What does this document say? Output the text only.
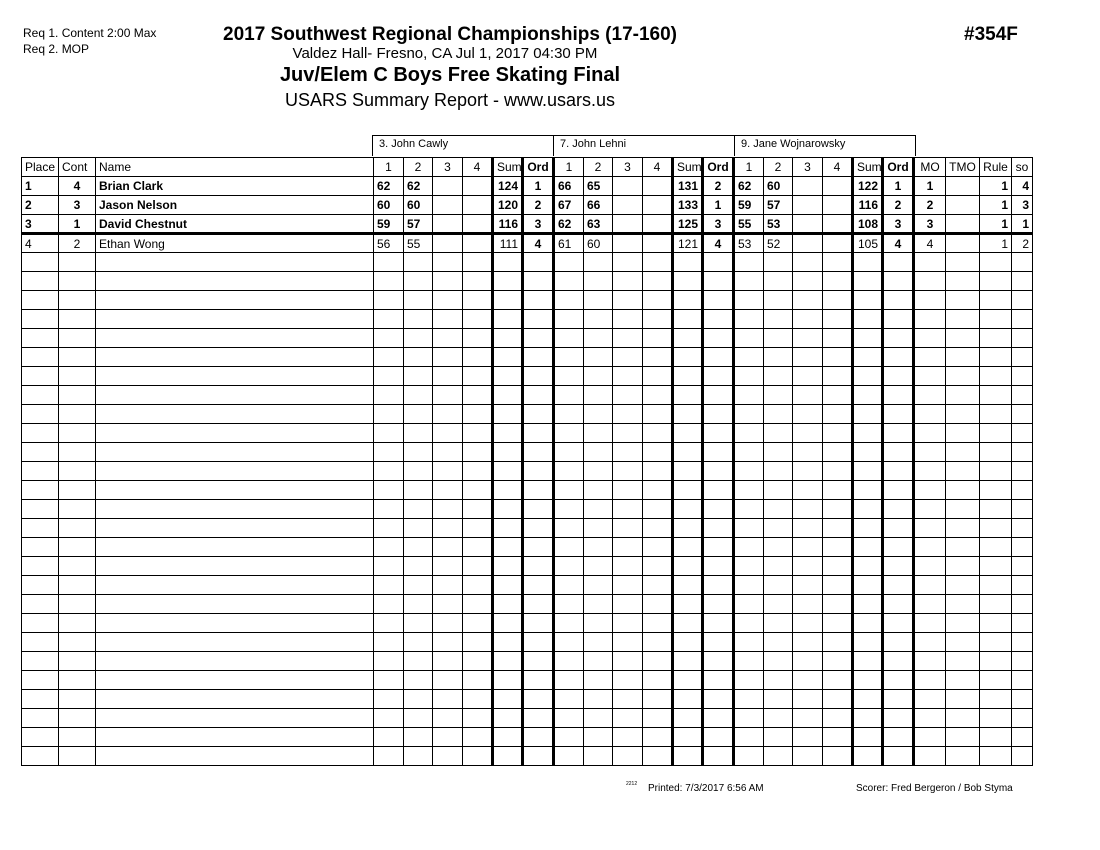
Req 1. Content 2:00 Max
Req 2. MOP
2017 Southwest Regional Championships (17-160)
Valdez Hall- Fresno, CA Jul 1, 2017 04:30 PM
Juv/Elem C Boys Free Skating Final
USARS Summary Report - www.usars.us
#354F
3. John Cawly	7. John Lehni	9. Jane Wojnarowsky
Place	Cont	Name	1	2	3	4	Sum	Ord	1	2	3	4	Sum	Ord	1	2	3	4	Sum	Ord	MO	TMO	Rule	so
1	4	Brian Clark	62	62			124	1	66	65			131	2	62	60			122	1	1		1	4
2	3	Jason Nelson	60	60			120	2	67	66			133	1	59	57			116	2	2		1	3
3	1	David Chestnut	59	57			116	3	62	63			125	3	55	53			108	3	3		1	1
4	2	Ethan Wong	56	55			111	4	61	60			121	4	53	52			105	4	4		1	2

2212 Printed: 7/3/2017 6:56 AM	Scorer: Fred Bergeron / Bob Styma
